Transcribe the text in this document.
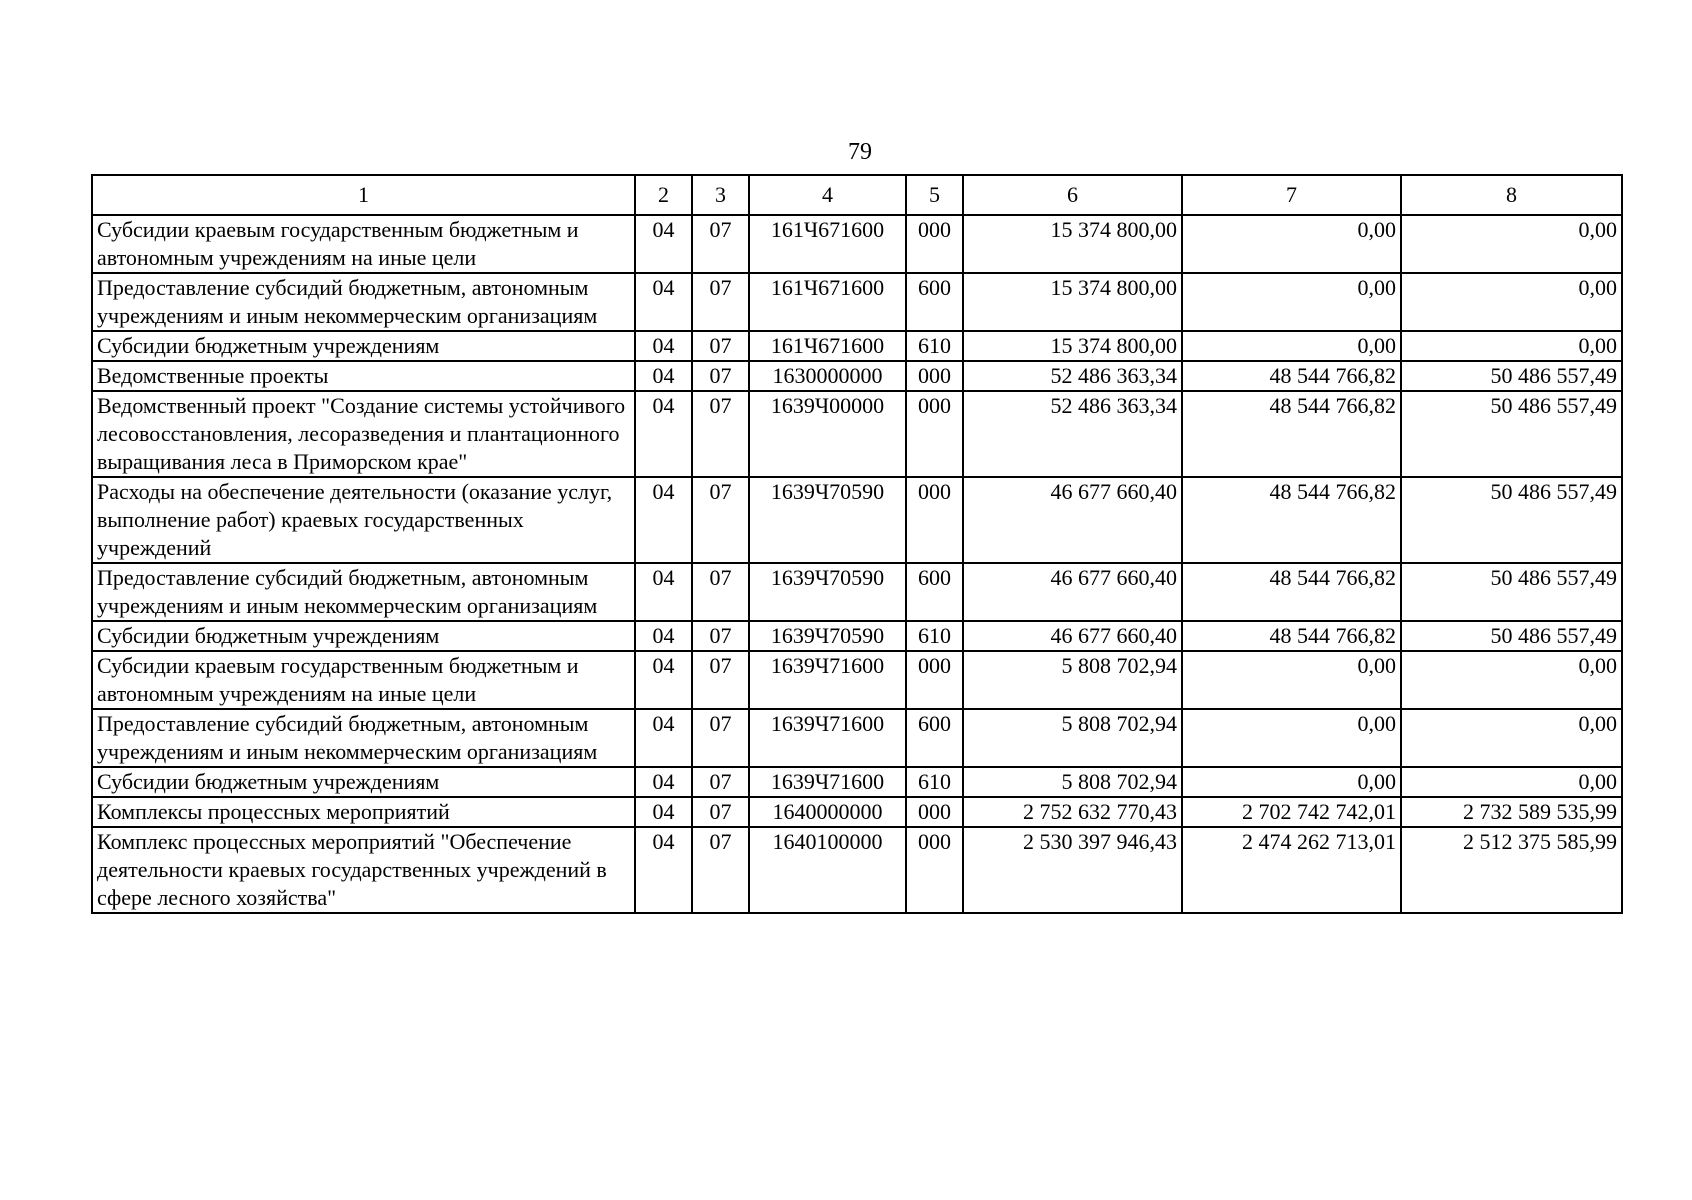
79
1	2	3	4	5	6	7	8
Субсидии краевым государственным бюджетным и автономным учреждениям на иные цели	04	07	161Ч671600	000	15 374 800,00	0,00	0,00
Предоставление субсидий бюджетным, автономным учреждениям и иным некоммерческим организациям	04	07	161Ч671600	600	15 374 800,00	0,00	0,00
Субсидии бюджетным учреждениям	04	07	161Ч671600	610	15 374 800,00	0,00	0,00
Ведомственные проекты	04	07	1630000000	000	52 486 363,34	48 544 766,82	50 486 557,49
Ведомственный проект "Создание системы устойчивого лесовосстановления, лесоразведения и плантационного выращивания леса в Приморском крае"	04	07	1639Ч00000	000	52 486 363,34	48 544 766,82	50 486 557,49
Расходы на обеспечение деятельности (оказание услуг, выполнение работ) краевых государственных учреждений	04	07	1639Ч70590	000	46 677 660,40	48 544 766,82	50 486 557,49
Предоставление субсидий бюджетным, автономным учреждениям и иным некоммерческим организациям	04	07	1639Ч70590	600	46 677 660,40	48 544 766,82	50 486 557,49
Субсидии бюджетным учреждениям	04	07	1639Ч70590	610	46 677 660,40	48 544 766,82	50 486 557,49
Субсидии краевым государственным бюджетным и автономным учреждениям на иные цели	04	07	1639Ч71600	000	5 808 702,94	0,00	0,00
Предоставление субсидий бюджетным, автономным учреждениям и иным некоммерческим организациям	04	07	1639Ч71600	600	5 808 702,94	0,00	0,00
Субсидии бюджетным учреждениям	04	07	1639Ч71600	610	5 808 702,94	0,00	0,00
Комплексы процессных мероприятий	04	07	1640000000	000	2 752 632 770,43	2 702 742 742,01	2 732 589 535,99
Комплекс процессных мероприятий "Обеспечение деятельности краевых государственных учреждений в сфере лесного хозяйства"	04	07	1640100000	000	2 530 397 946,43	2 474 262 713,01	2 512 375 585,99
